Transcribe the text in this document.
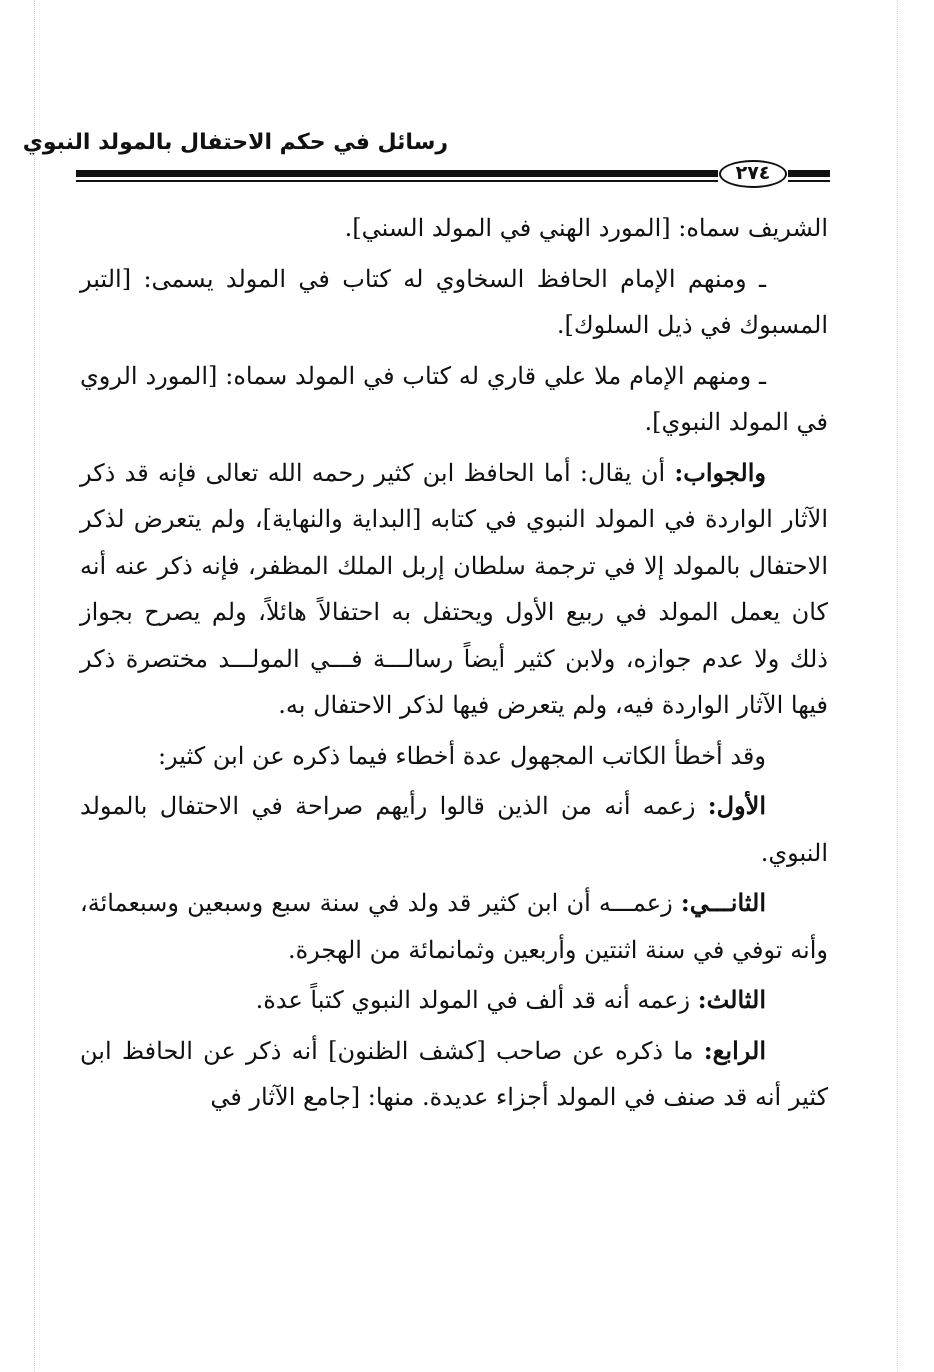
رسائل في حكم الاحتفال بالمولد النبوي
٢٧٤

الشريف سماه: [المورد الهني في المولد السني].

ـ ومنهم الإمام الحافظ السخاوي له كتاب في المولد يسمى: [التبر المسبوك في ذيل السلوك].

ـ ومنهم الإمام ملا علي قاري له كتاب في المولد سماه: [المورد الروي في المولد النبوي].

والجواب: أن يقال: أما الحافظ ابن كثير رحمه الله تعالى فإنه قد ذكر الآثار الواردة في المولد النبوي في كتابه [البداية والنهاية]، ولم يتعرض لذكر الاحتفال بالمولد إلا في ترجمة سلطان إربل الملك المظفر، فإنه ذكر عنه أنه كان يعمل المولد في ربيع الأول ويحتفل به احتفالاً هائلاً، ولم يصرح بجواز ذلك ولا عدم جوازه، ولابن كثير أيضاً رسالـــة فـــي المولـــد مختصرة ذكر فيها الآثار الواردة فيه، ولم يتعرض فيها لذكر الاحتفال به.

وقد أخطأ الكاتب المجهول عدة أخطاء فيما ذكره عن ابن كثير:

الأول: زعمه أنه من الذين قالوا رأيهم صراحة في الاحتفال بالمولد النبوي.

الثانـــي: زعمـــه أن ابن كثير قد ولد في سنة سبع وسبعين وسبعمائة، وأنه توفي في سنة اثنتين وأربعين وثمانمائة من الهجرة.

الثالث: زعمه أنه قد ألف في المولد النبوي كتباً عدة.

الرابع: ما ذكره عن صاحب [كشف الظنون] أنه ذكر عن الحافظ ابن كثير أنه قد صنف في المولد أجزاء عديدة. منها: [جامع الآثار في
